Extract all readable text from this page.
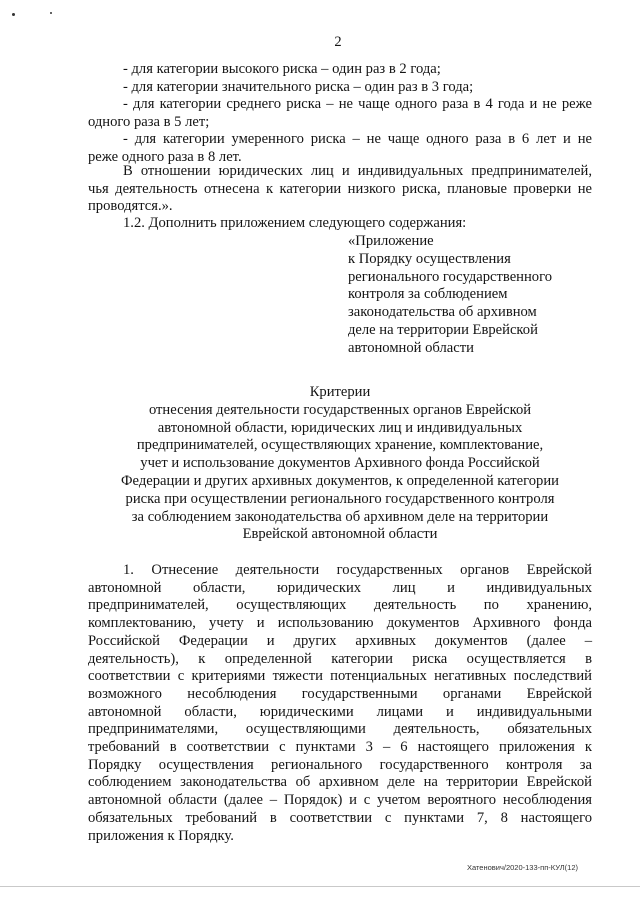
2
- для категории высокого риска – один раз в 2 года;
- для категории значительного риска – один раз в 3 года;
- для категории среднего риска – не чаще одного раза в 4 года и не реже
одного раза в 5 лет;
- для категории умеренного риска – не чаще одного раза в 6 лет и не
реже одного раза в 8 лет.
В отношении юридических лиц и индивидуальных предпринимателей,
чья деятельность отнесена к категории низкого риска, плановые проверки не
проводятся.».
1.2. Дополнить приложением следующего содержания:
«Приложение
к Порядку осуществления
регионального государственного
контроля за соблюдением
законодательства об архивном
деле на территории Еврейской
автономной области
Критерии
отнесения деятельности государственных органов Еврейской
автономной области, юридических лиц и индивидуальных
предпринимателей, осуществляющих хранение, комплектование,
учет и использование документов Архивного фонда Российской
Федерации и других архивных документов, к определенной категории
риска при осуществлении регионального государственного контроля
за соблюдением законодательства об архивном деле на территории
Еврейской автономной области
1. Отнесение деятельности государственных органов Еврейской
автономной области, юридических лиц и индивидуальных
предпринимателей, осуществляющих деятельность по хранению,
комплектованию, учету и использованию документов Архивного фонда
Российской Федерации и других архивных документов (далее –
деятельность), к определенной категории риска осуществляется в
соответствии с критериями тяжести потенциальных негативных последствий
возможного несоблюдения государственными органами Еврейской
автономной области, юридическими лицами и индивидуальными
предпринимателями, осуществляющими деятельность, обязательных
требований в соответствии с пунктами 3 – 6 настоящего приложения к
Порядку осуществления регионального государственного контроля за
соблюдением законодательства об архивном деле на территории Еврейской
автономной области (далее – Порядок) и с учетом вероятного несоблюдения
обязательных требований в соответствии с пунктами 7, 8 настоящего
приложения к Порядку.
Хатенович/2020-133-пп-КУЛ(12)
